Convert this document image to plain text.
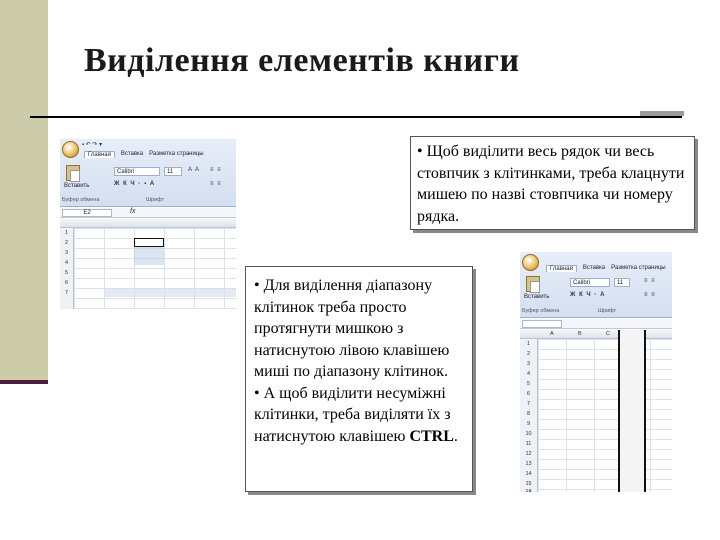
Виділення елементів книги
▪ ↶ ↷ ▾
Главная	Вставка Разметка страницы
Вставить
Calibri	11	A A
Ж К Ч ▫ ▪ A
≡ ≡
≡ ≡
Буфер обмена	Шрифт
E2	fx
1
2
3
4
5
6
7
Главная	Вставка Разметка страницы
Вставить
Calibri	11
Ж К Ч ▫ A
≡ ≡
≡ ≡
Буфер обмена	Шрифт
A	B	C
1
2
3
4
5
6
7
8
9
10
11
12
13
14
15
18

• Щоб виділити весь рядок чи весь стовпчик з клітинками, треба клацнути мишею по назві стовпчика чи номеру рядка.

• Для виділення діапазону клітинок треба просто протягнути мишкою з натиснутою лівою клавішею миші по діапазону клітинок.

• А щоб виділити несуміжні клітинки, треба виділяти їх з натиснутою клавішею CTRL.
